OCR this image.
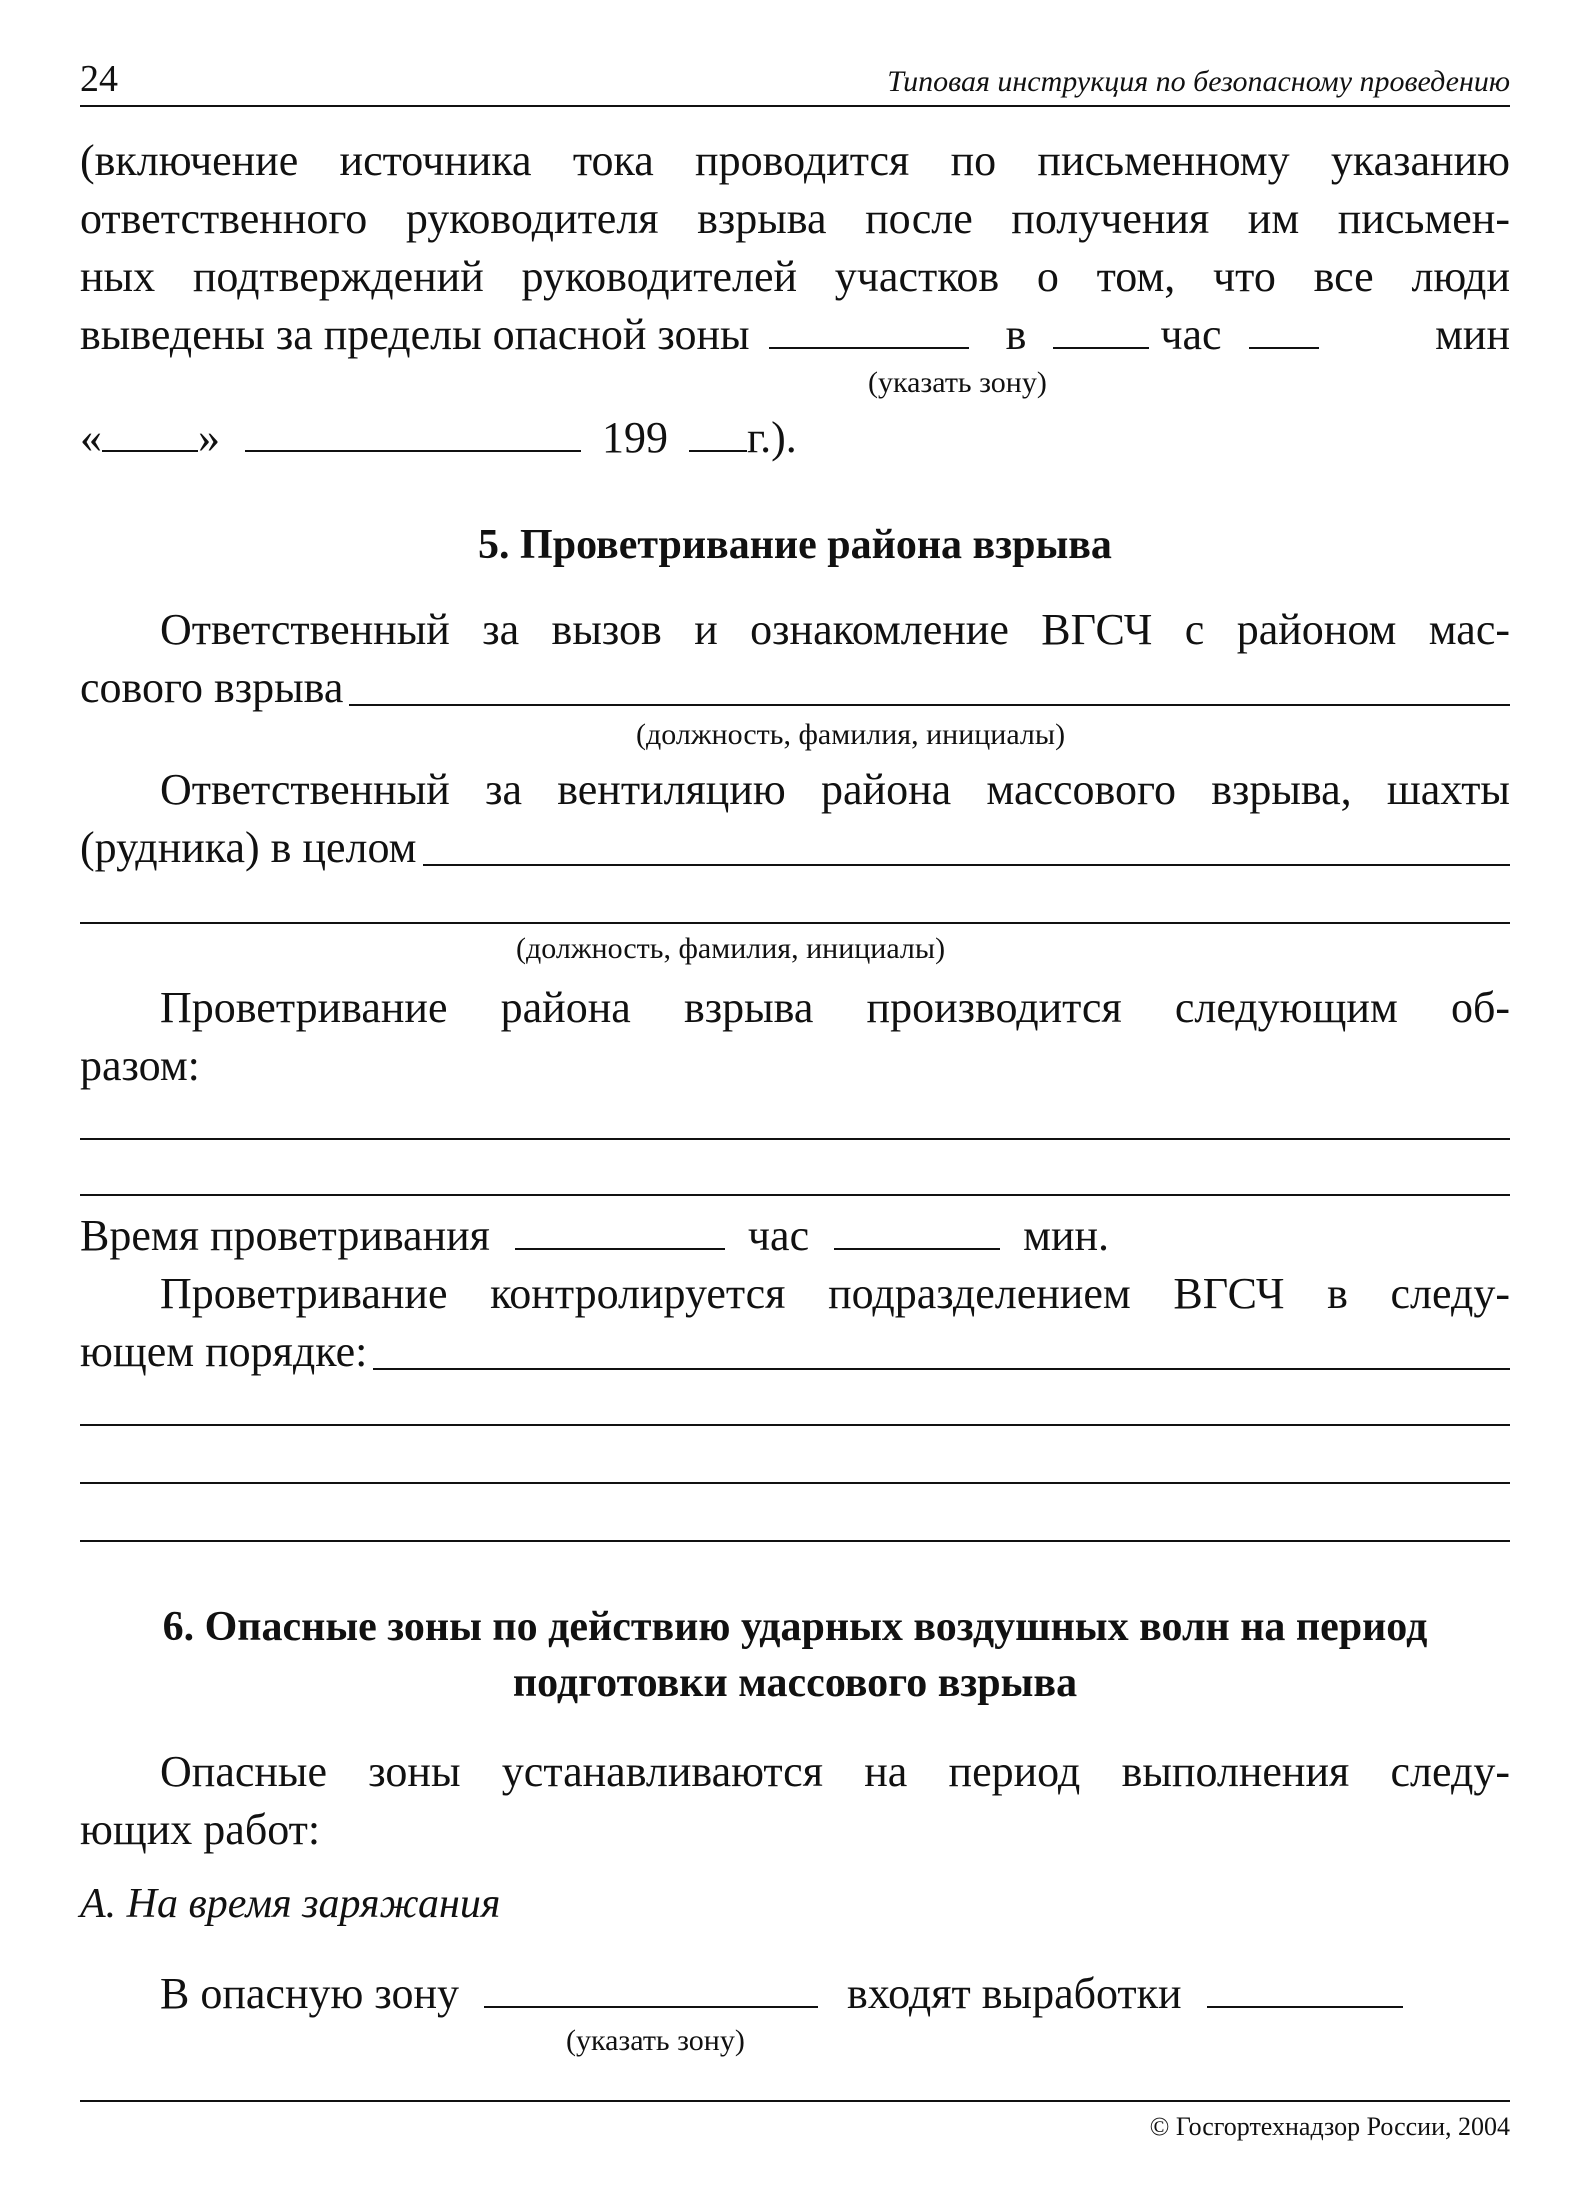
24	Типовая инструкция по безопасному проведению
(включение источника тока проводится по письменному указанию
ответственного руководителя взрыва после получения им письмен-
ных подтверждений руководителей участков о том, что все люди
выведены за пределы опасной зоны	в	час	мин
(указать зону)
« »	199 г.).
5. Проветривание района взрыва
Ответственный за вызов и ознакомление ВГСЧ с районом мас-
сового взрыва
(должность, фамилия, инициалы)
Ответственный за вентиляцию района массового взрыва, шахты
(рудника) в целом
(должность, фамилия, инициалы)
Проветривание района взрыва производится следующим об-
разом:
Время проветривания	час	мин.
Проветривание контролируется подразделением ВГСЧ в следу-
ющем порядке:
6. Опасные зоны по действию ударных воздушных волн на период
подготовки массового взрыва
Опасные зоны устанавливаются на период выполнения следу-
ющих работ:
А. На время заряжания
В опасную зону	входят выработки
(указать зону)
© Госгортехнадзор России, 2004
